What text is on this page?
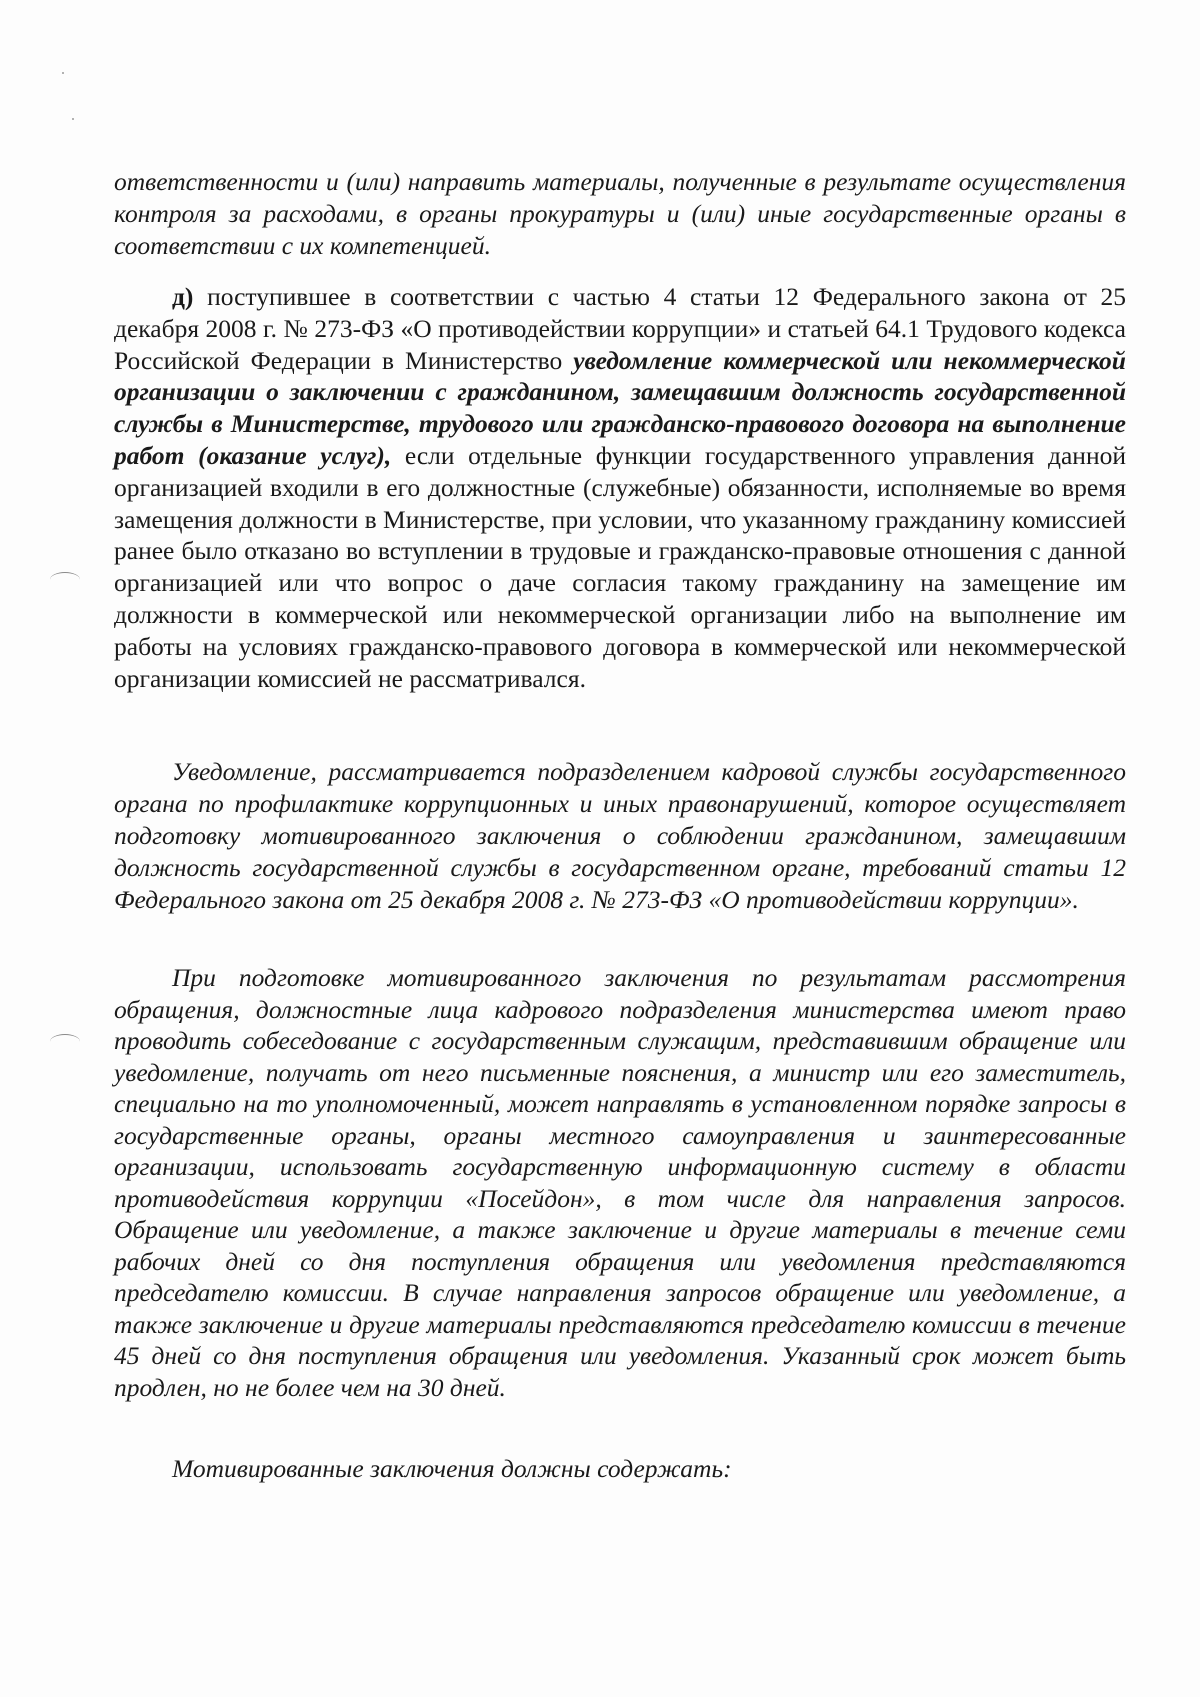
ответственности и (или) направить материалы, полученные в результате осуществления контроля за расходами, в органы прокуратуры и (или) иные государственные органы в соответствии с их компетенцией.

д) поступившее в соответствии с частью 4 статьи 12 Федерального закона от 25 декабря 2008 г. № 273-ФЗ «О противодействии коррупции» и статьей 64.1 Трудового кодекса Российской Федерации в Министерство уведомление коммерческой или некоммерческой организации о заключении с гражданином, замещавшим должность государственной службы в Министерстве, трудового или гражданско-правового договора на выполнение работ (оказание услуг), если отдельные функции государственного управления данной организацией входили в его должностные (служебные) обязанности, исполняемые во время замещения должности в Министерстве, при условии, что указанному гражданину комиссией ранее было отказано во вступлении в трудовые и гражданско-правовые отношения с данной организацией или что вопрос о даче согласия такому гражданину на замещение им должности в коммерческой или некоммерческой организации либо на выполнение им работы на условиях гражданско-правового договора в коммерческой или некоммерческой организации комиссией не рассматривался.

Уведомление, рассматривается подразделением кадровой службы государственного органа по профилактике коррупционных и иных правонарушений, которое осуществляет подготовку мотивированного заключения о соблюдении гражданином, замещавшим должность государственной службы в государственном органе, требований статьи 12 Федерального закона от 25 декабря 2008 г. № 273-ФЗ «О противодействии коррупции».

При подготовке мотивированного заключения по результатам рассмотрения обращения, должностные лица кадрового подразделения министерства имеют право проводить собеседование с государственным служащим, представившим обращение или уведомление, получать от него письменные пояснения, а министр или его заместитель, специально на то уполномоченный, может направлять в установленном порядке запросы в государственные органы, органы местного самоуправления и заинтересованные организации, использовать государственную информационную систему в области противодействия коррупции «Посейдон», в том числе для направления запросов. Обращение или уведомление, а также заключение и другие материалы в течение семи рабочих дней со дня поступления обращения или уведомления представляются председателю комиссии. В случае направления запросов обращение или уведомление, а также заключение и другие материалы представляются председателю комиссии в течение 45 дней со дня поступления обращения или уведомления. Указанный срок может быть продлен, но не более чем на 30 дней.

Мотивированные заключения должны содержать:
